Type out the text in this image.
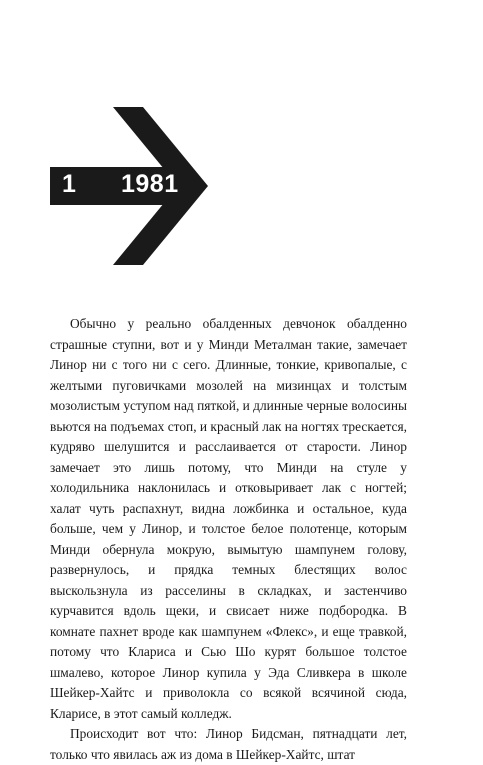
1 1981

Обычно у реально обалденных девчонок обалденно страшные ступни, вот и у Минди Металман такие, замечает Линор ни с того ни с сего. Длинные, тонкие, кривопалые, с желтыми пуговичками мозолей на мизинцах и толстым мозолистым уступом над пяткой, и длинные черные волосины вьются на подъемах стоп, и красный лак на ногтях трескается, кудряво шелушится и расслаивается от старости. Линор замечает это лишь потому, что Минди на стуле у холодильника наклонилась и отковыривает лак с ногтей; халат чуть распахнут, видна ложбинка и остальное, куда больше, чем у Линор, и толстое белое полотенце, которым Минди обернула мокрую, вымытую шампунем голову, развернулось, и прядка темных блестящих волос выскользнула из расселины в складках, и застенчиво курчавится вдоль щеки, и свисает ниже подбородка. В комнате пахнет вроде как шампунем «Флекс», и еще травкой, потому что Клариса и Сью Шо курят большое толстое шмалево, которое Линор купила у Эда Сливкера в школе Шейкер-Хайтс и приволокла со всякой всячиной сюда, Кларисе, в этот самый колледж.

Происходит вот что: Линор Бидсман, пятнадцати лет, только что явилась аж из дома в Шейкер-Хайтс, штат
